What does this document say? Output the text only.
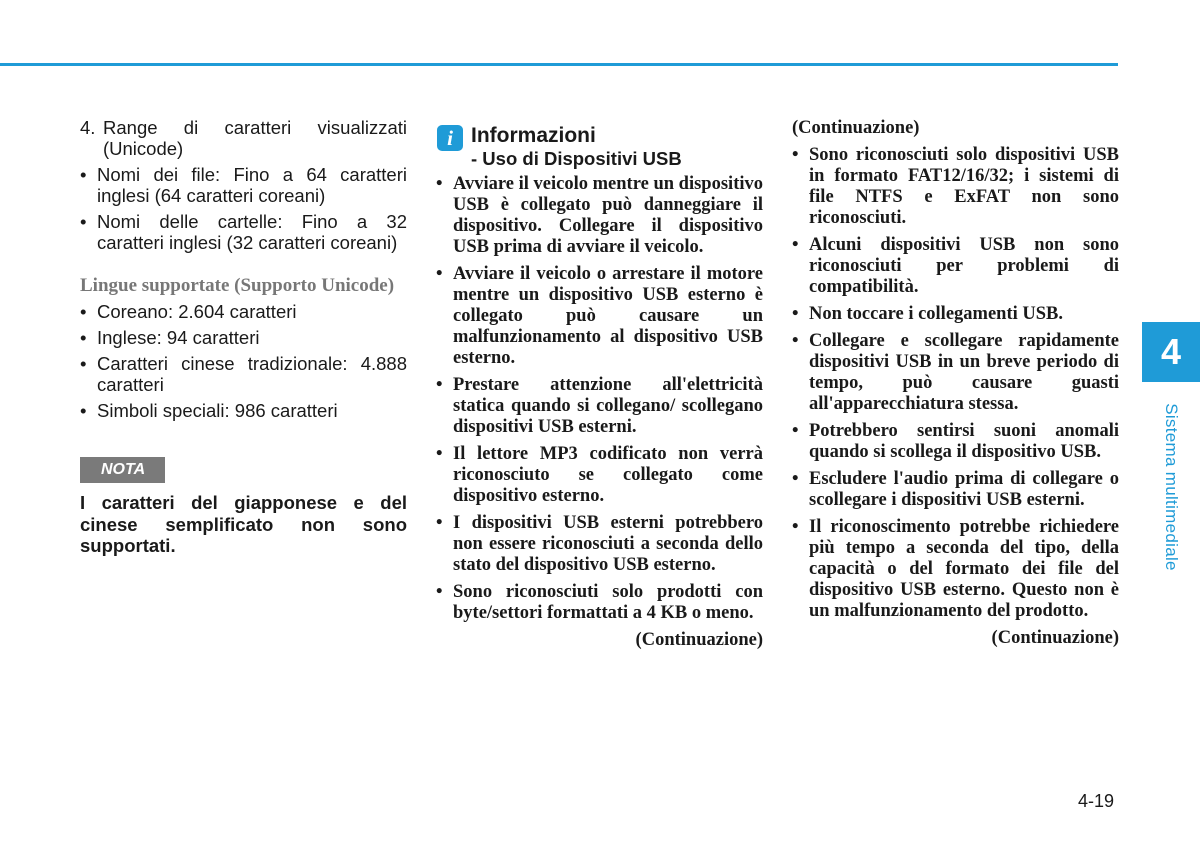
4. Range di caratteri visualizzati (Unicode)
• Nomi dei file: Fino a 64 caratteri inglesi (64 caratteri coreani)
• Nomi delle cartelle: Fino a 32 caratteri inglesi (32 caratteri coreani)
Lingue supportate (Supporto Unicode)
• Coreano: 2.604 caratteri
• Inglese: 94 caratteri
• Caratteri cinese tradizionale: 4.888 caratteri
• Simboli speciali: 986 caratteri
NOTA
I caratteri del giapponese e del cinese semplificato non sono supportati.
i Informazioni
- Uso di Dispositivi USB
• Avviare il veicolo mentre un dispositivo USB è collegato può danneggiare il dispositivo. Collegare il dispositivo USB prima di avviare il veicolo.
• Avviare il veicolo o arrestare il motore mentre un dispositivo USB esterno è collegato può causare un malfunzionamento al dispositivo USB esterno.
• Prestare attenzione all'elettricità statica quando si collegano/ scollegano dispositivi USB esterni.
• Il lettore MP3 codificato non verrà riconosciuto se collegato come dispositivo esterno.
• I dispositivi USB esterni potrebbero non essere riconosciuti a seconda dello stato del dispositivo USB esterno.
• Sono riconosciuti solo prodotti con byte/settori formattati a 4 KB o meno.
(Continuazione)
(Continuazione)
• Sono riconosciuti solo dispositivi USB in formato FAT12/16/32; i sistemi di file NTFS e ExFAT non sono riconosciuti.
• Alcuni dispositivi USB non sono riconosciuti per problemi di compatibilità.
• Non toccare i collegamenti USB.
• Collegare e scollegare rapidamente dispositivi USB in un breve periodo di tempo, può causare guasti all'apparecchiatura stessa.
• Potrebbero sentirsi suoni anomali quando si scollega il dispositivo USB.
• Escludere l'audio prima di collegare o scollegare i dispositivi USB esterni.
• Il riconoscimento potrebbe richiedere più tempo a seconda del tipo, della capacità o del formato dei file del dispositivo USB esterno. Questo non è un malfunzionamento del prodotto.
(Continuazione)
4
Sistema multimediale
4-19
